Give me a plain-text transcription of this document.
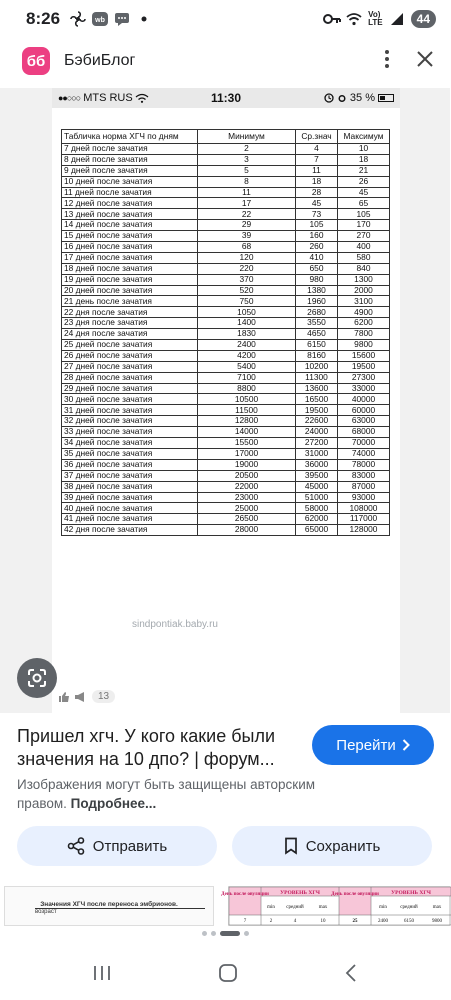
8:26	wb
Vo)
LTE	44
бб БэбиБлог
●●○○○ MTS RUS	11:30	35 %
Табличка норма ХГЧ по дням	Минимум	Ср.знач	Максимум
7 дней после зачатия	2	4	10
8 дней после зачатия	3	7	18
9 дней после зачатия	5	11	21
10 дней после зачатия	8	18	26
11 дней после зачатия	11	28	45
12 дней после зачатия	17	45	65
13 дней после зачатия	22	73	105
14 дней после зачатия	29	105	170
15 дней после зачатия	39	160	270
16 дней после зачатия	68	260	400
17 дней после зачатия	120	410	580
18 дней после зачатия	220	650	840
19 дней после зачатия	370	980	1300
20 дней после зачатия	520	1380	2000
21 день после зачатия	750	1960	3100
22 дня после зачатия	1050	2680	4900
23 дня после зачатия	1400	3550	6200
24 дня после зачатия	1830	4650	7800
25 дней после зачатия	2400	6150	9800
26 дней после зачатия	4200	8160	15600
27 дней после зачатия	5400	10200	19500
28 дней после зачатия	7100	11300	27300
29 дней после зачатия	8800	13600	33000
30 дней после зачатия	10500	16500	40000
31 дней после зачатия	11500	19500	60000
32 дней после зачатия	12800	22600	63000
33 дней после зачатия	14000	24000	68000
34 дней после зачатия	15500	27200	70000
35 дней после зачатия	17000	31000	74000
36 дней после зачатия	19000	36000	78000
37 дней после зачатия	20500	39500	83000
38 дней после зачатия	22000	45000	87000
39 дней после зачатия	23000	51000	93000
40 дней после зачатия	25000	58000	108000
41 дней после зачатия	26500	62000	117000
42 дня после зачатия	28000	65000	128000
sindpontiak.baby.ru
13
Пришел хгч. У кого какие были значения на 10 дпо? | форум...
Перейти
Изображения могут быть защищены авторским правом. Подробнее...
Отправить	Сохранить
Значения ХГЧ после переноса эмбрионов.
возраст
День после овуляции УРОВЕНЬ ХГЧ День после овуляции УРОВЕНЬ ХГЧ
min средний	max	min	средний	max
7	2	4	10	25	2400	6150	9800
